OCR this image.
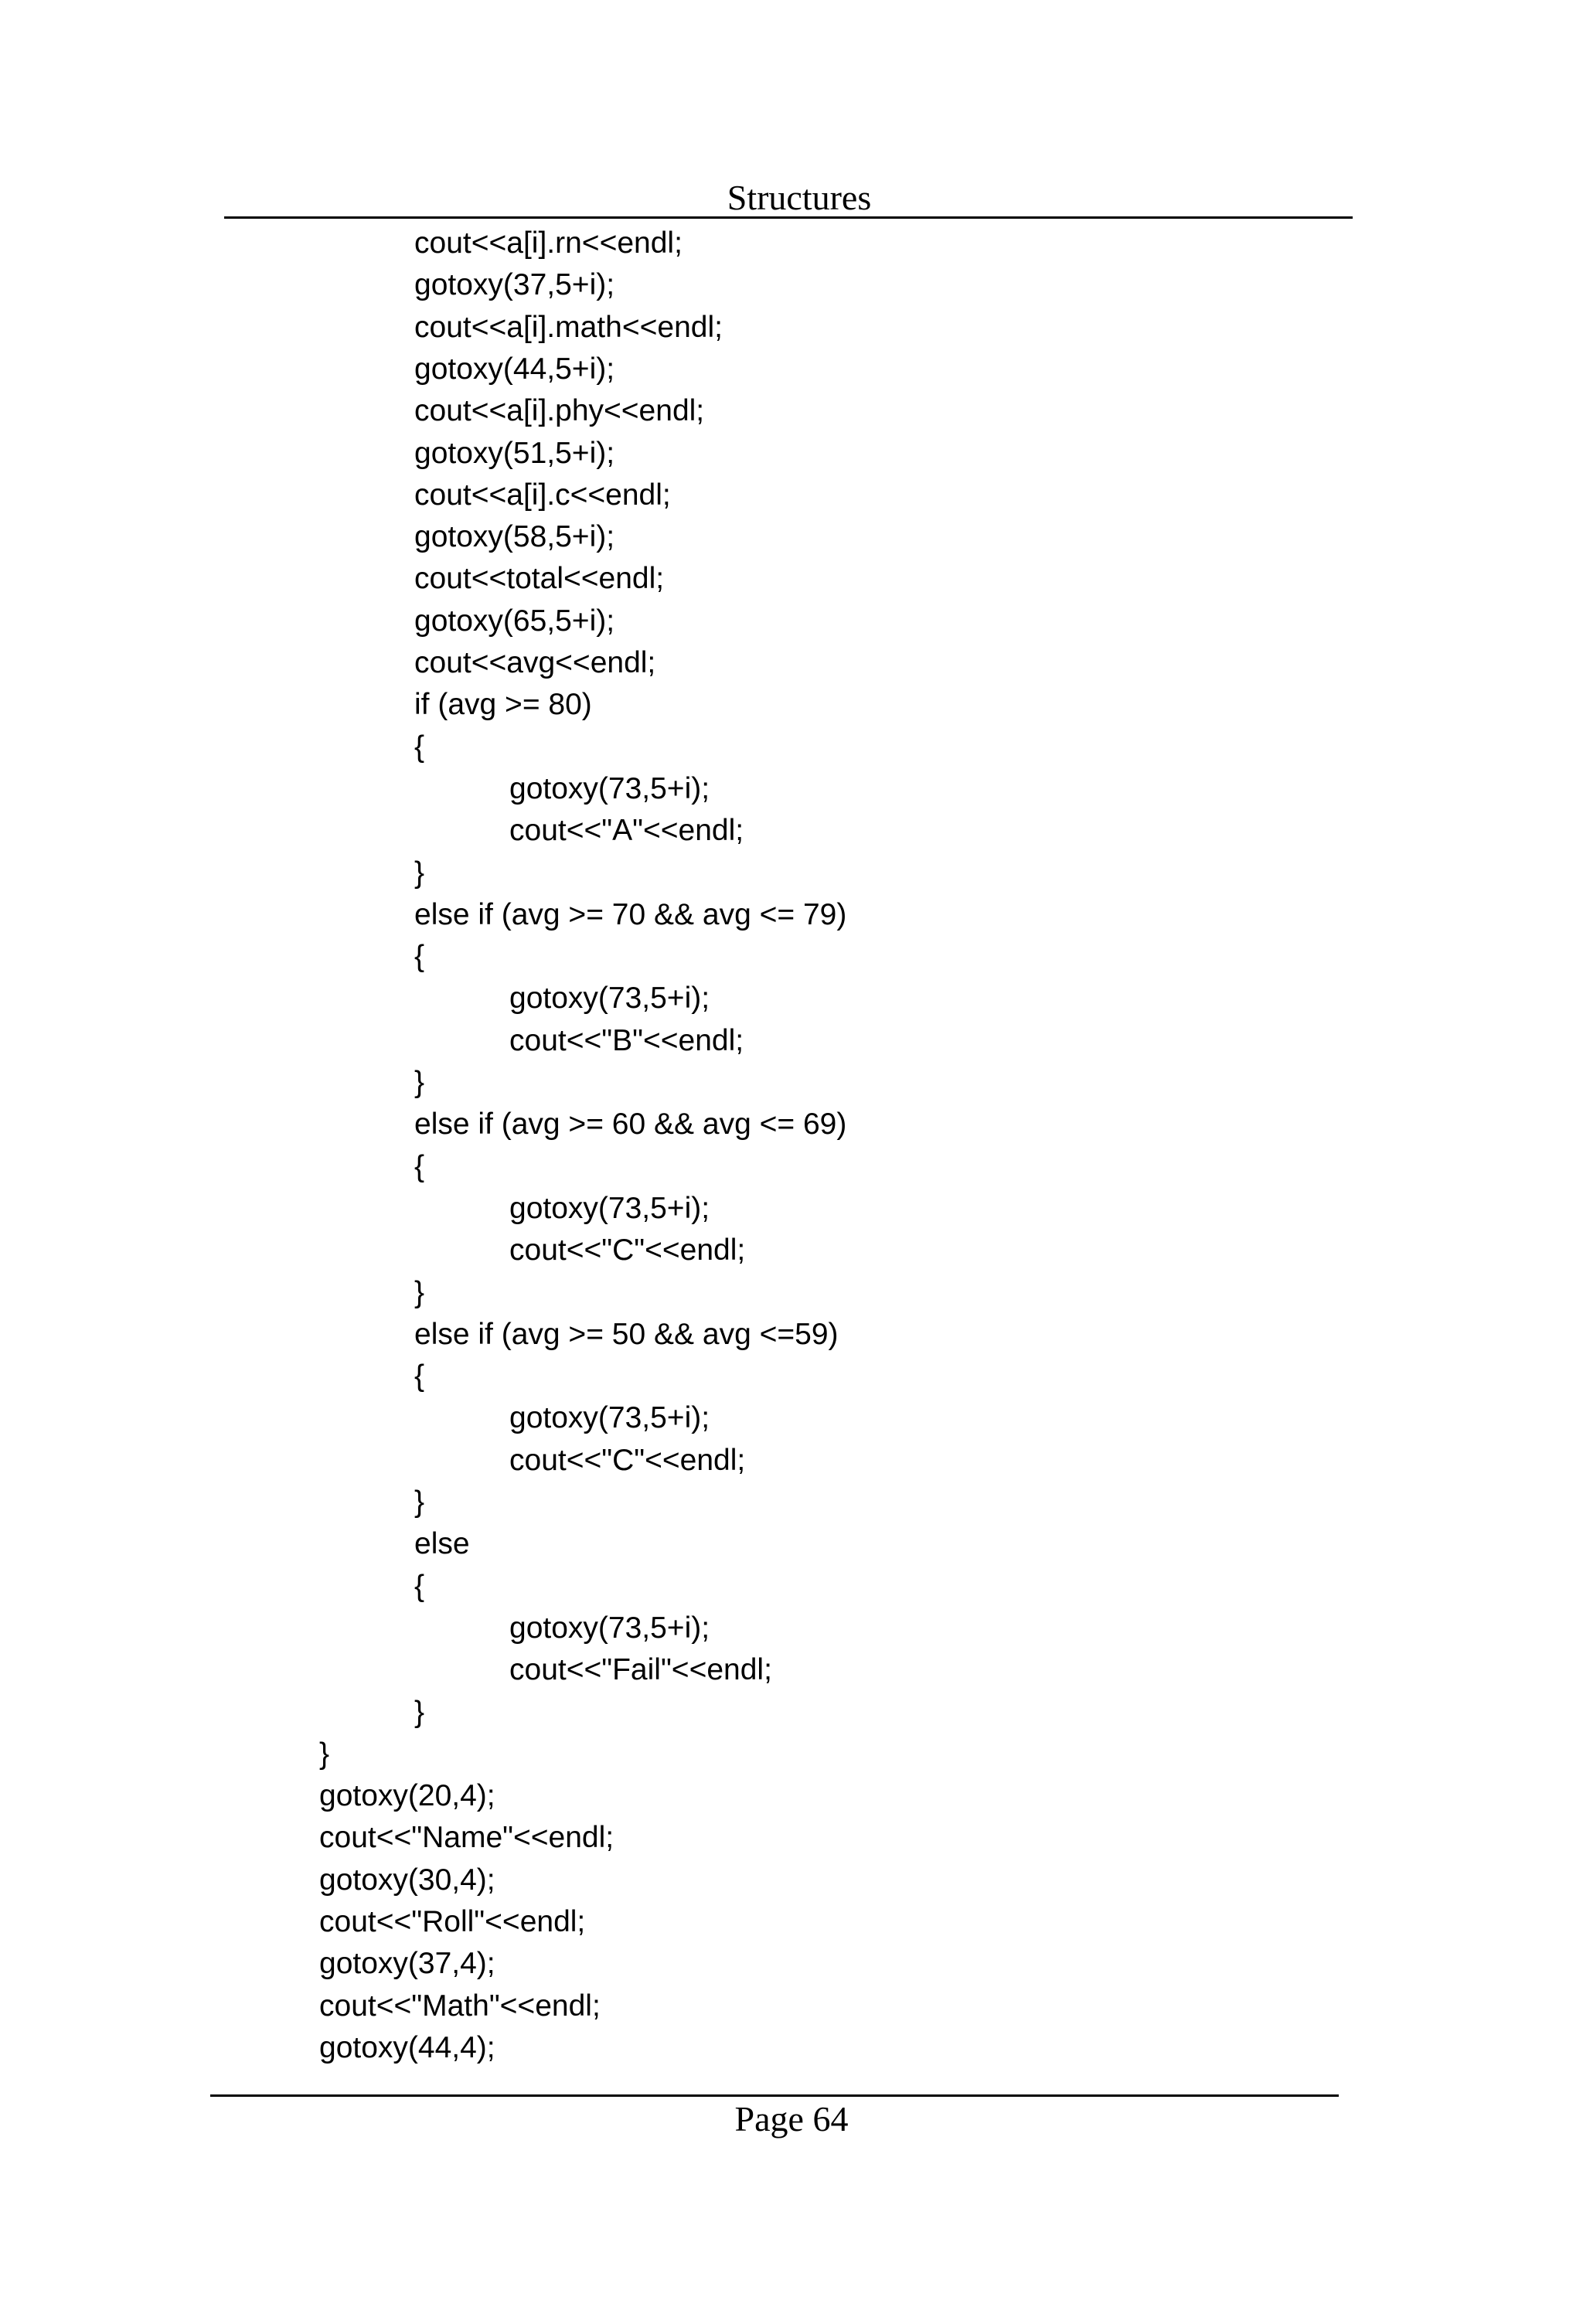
Structures
cout<<a[i].rn<<endl;
gotoxy(37,5+i);
cout<<a[i].math<<endl;
gotoxy(44,5+i);
cout<<a[i].phy<<endl;
gotoxy(51,5+i);
cout<<a[i].c<<endl;
gotoxy(58,5+i);
cout<<total<<endl;
gotoxy(65,5+i);
cout<<avg<<endl;
if (avg >= 80)
{
gotoxy(73,5+i);
cout<<"A"<<endl;
}
else if (avg >= 70 && avg <= 79)
{
gotoxy(73,5+i);
cout<<"B"<<endl;
}
else if (avg >= 60 && avg <= 69)
{
gotoxy(73,5+i);
cout<<"C"<<endl;
}
else if (avg >= 50 && avg <=59)
{
gotoxy(73,5+i);
cout<<"C"<<endl;
}
else
{
gotoxy(73,5+i);
cout<<"Fail"<<endl;
}
}
gotoxy(20,4);
cout<<"Name"<<endl;
gotoxy(30,4);
cout<<"Roll"<<endl;
gotoxy(37,4);
cout<<"Math"<<endl;
gotoxy(44,4);
Page 64
